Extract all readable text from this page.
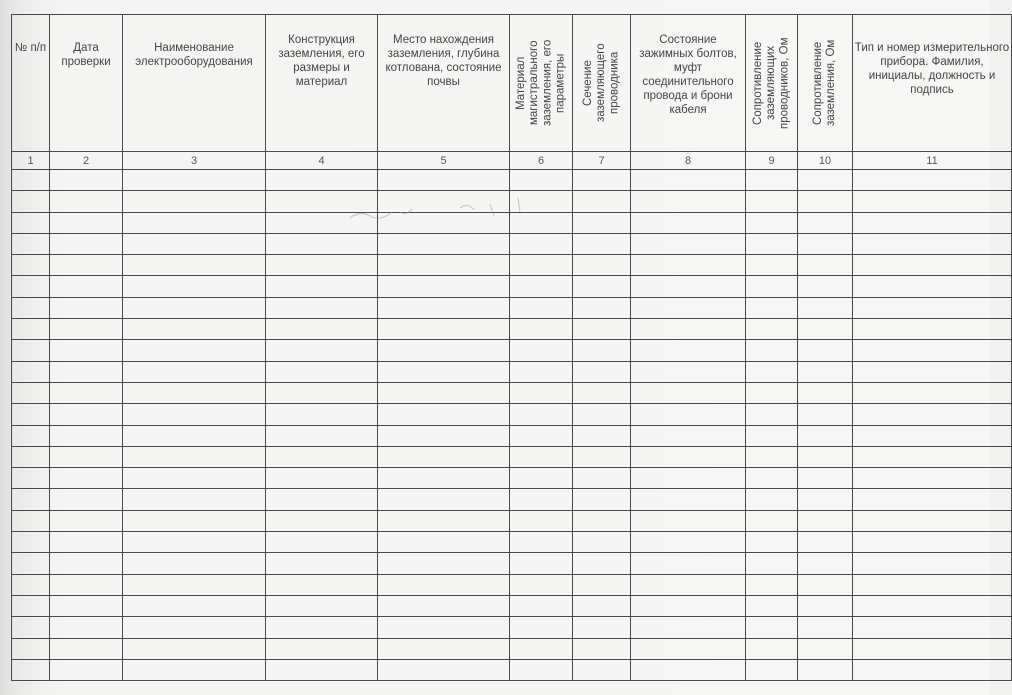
№ п/п	Дата проверки	Наименование электрооборудования	Конструкция заземления, его размеры и материал	Место нахождения заземления, глубина котлована, состояние почвы	Материал магистрального заземления, его параметры	Сечение заземляющего проводника	Состояние зажимных болтов, муфт соединительного провода и брони кабеля	Сопротивление заземляющих проводников, Ом	Сопротивление заземления, Ом	Тип и номер измерительного прибора. Фамилия, инициалы, должность и подпись
1	2	3	4	5	6	7	8	9	10	11
